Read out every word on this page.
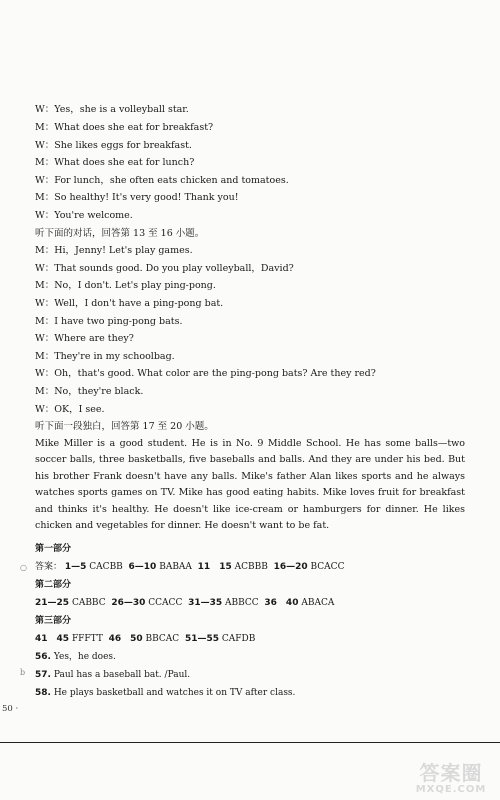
W：Yes，she is a volleyball star.
M：What does she eat for breakfast?
W：She likes eggs for breakfast.
M：What does she eat for lunch?
W：For lunch，she often eats chicken and tomatoes.
M：So healthy! It's very good! Thank you!
W：You're welcome.
听下面的对话，回答第 13 至 16 小题。
M：Hi，Jenny! Let's play games.
W：That sounds good. Do you play volleyball，David?
M：No，I don't. Let's play ping-pong.
W：Well，I don't have a ping-pong bat.
M：I have two ping-pong bats.
W：Where are they?
M：They're in my schoolbag.
W：Oh，that's good. What color are the ping-pong bats? Are they red?
M：No，they're black.
W：OK，I see.
听下面一段独白，回答第 17 至 20 小题。
Mike Miller is a good student. He is in No. 9 Middle School. He has some balls—two soccer balls, three basketballs, five baseballs and balls. And they are under his bed. But his brother Frank doesn't have any balls. Mike's father Alan likes sports and he always watches sports games on TV. Mike has good eating habits. Mike loves fruit for breakfast and thinks it's healthy. He doesn't like ice-cream or hamburgers for dinner. He likes chicken and vegetables for dinner. He doesn't want to be fat.
第一部分
○ 答案： 1—5 CACBB 6—10 BABAA 11　15 ACBBB 16—20 BCACC
第二部分
21—25 CABBC 26—30 CCACC 31—35 ABBCC 36　40 ABACA
第三部分
41　45 FFFTT 46　50 BBCAC 51—55 CAFDB
56. Yes，he does.
b 57. Paul has a baseball bat. /Paul.
58. He plays basketball and watches it on TV after class.
50 ·
答案圈
MXQE.COM
